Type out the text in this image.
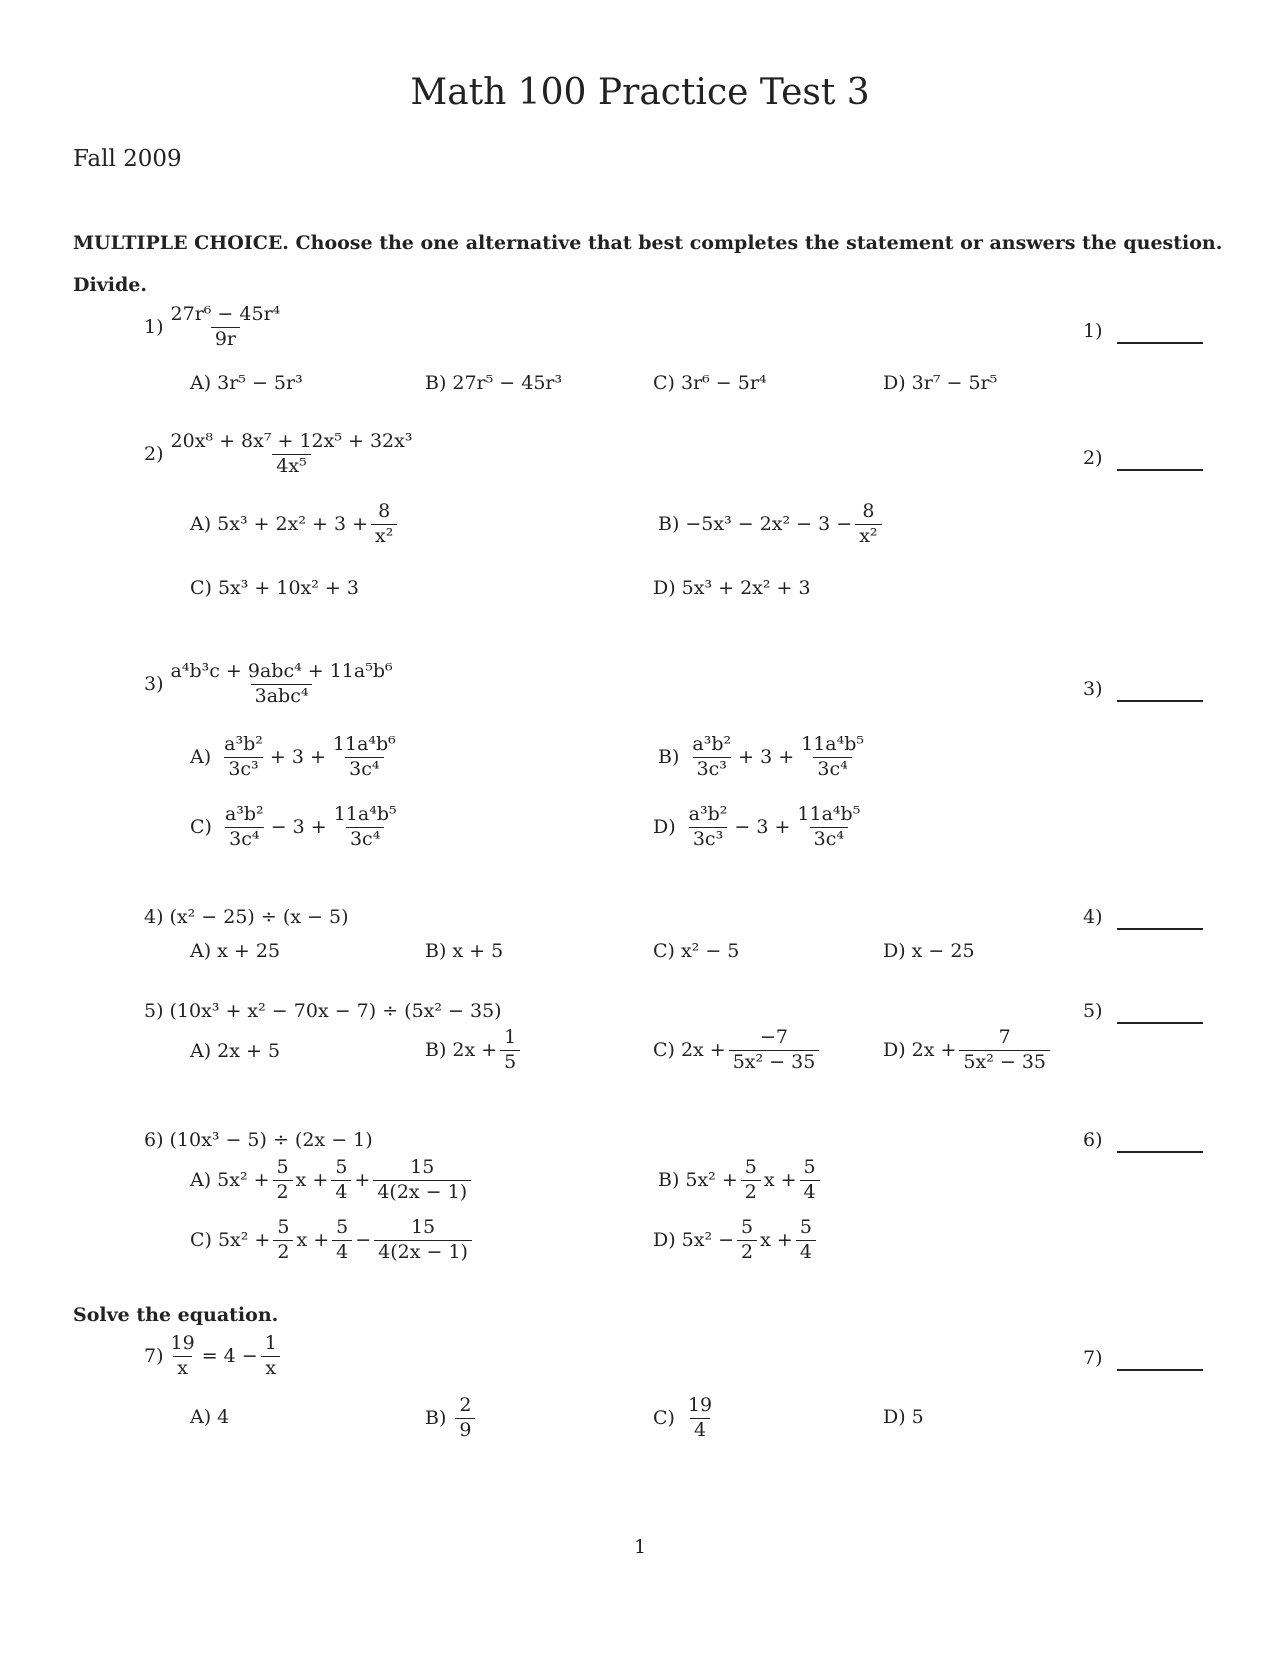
Math 100 Practice Test 3
Fall 2009
MULTIPLE CHOICE. Choose the one alternative that best completes the statement or answers the question.
Divide.
1)
2)
3)
4)
5)
6)
7)
$1) \frac{\text{27r⁶ − 45r⁴}}{9r}$
A) 3r⁵ − 5r³	B) 27r⁵ − 45r³	C) 3r⁶ − 5r⁴	D) 3r⁷ − 5r⁵
$2) \frac{\text{20x⁸ + 8x⁷ + 12x⁵ + 32x³}}{\text{4x⁵}}$
A) $5x^3 + 2x^2 + 3 + \frac{8}{\text{x²}}$	$B) -5x^3 - 2x^2 - 3 - \frac{8}{\text{x²}}$
C) 5x³ + 10x² + 3	D) 5x³ + 2x² + 3
$3) \frac{\text{a⁴b³c + 9abc⁴ + 11a⁵b⁶}}{\text{3abc⁴}}$
$A) \frac{\text{a³b²}}{\text{3c³}} + 3 + \frac{\text{11a⁴b⁶}}{\text{3c⁴}}$	$B) \frac{\text{a³b²}}{\text{3c³}} + 3 + \frac{\text{11a⁴b⁵}}{\text{3c⁴}}$
$C) \frac{\text{a³b²}}{\text{3c⁴}} - 3 + \frac{\text{11a⁴b⁵}}{\text{3c⁴}}$	$D) \frac{\text{a³b²}}{\text{3c³}} - 3 + \frac{\text{11a⁴b⁵}}{\text{3c⁴}}$
4) (x² − 25) ÷ (x − 5)
A) x + 25	B) x + 5	C) x² − 5	D) x − 25
5) (10x³ + x² − 70x − 7) ÷ (5x² − 35)
A) 2x + 5	B) $2x + \frac{1}{5}$	C) $2x + \frac{-7}{\text{5x² − 35}}$	D) $2x + \frac{7}{\text{5x² − 35}}$
6) (10x³ − 5) ÷ (2x − 1)
A) $5x^2 + \frac{5}{2}$ $x + \frac{5}{4} + \frac{15}{4(2x - 1)}$	B) $5x^2 + \frac{5}{2}$ $x + \frac{5}{4}$
C) $5x^2 + \frac{5}{2}$ $x + \frac{5}{4} - \frac{15}{4(2x - 1)}$	D) $5x^2 - \frac{5}{2}$ $x + \frac{5}{4}$
Solve the equation.
$7) \frac{19}{x} = 4 - \frac{1}{x}$
A) 4	$B) \frac{2}{9}$	$C) \frac{19}{4}$	D) 5
1
